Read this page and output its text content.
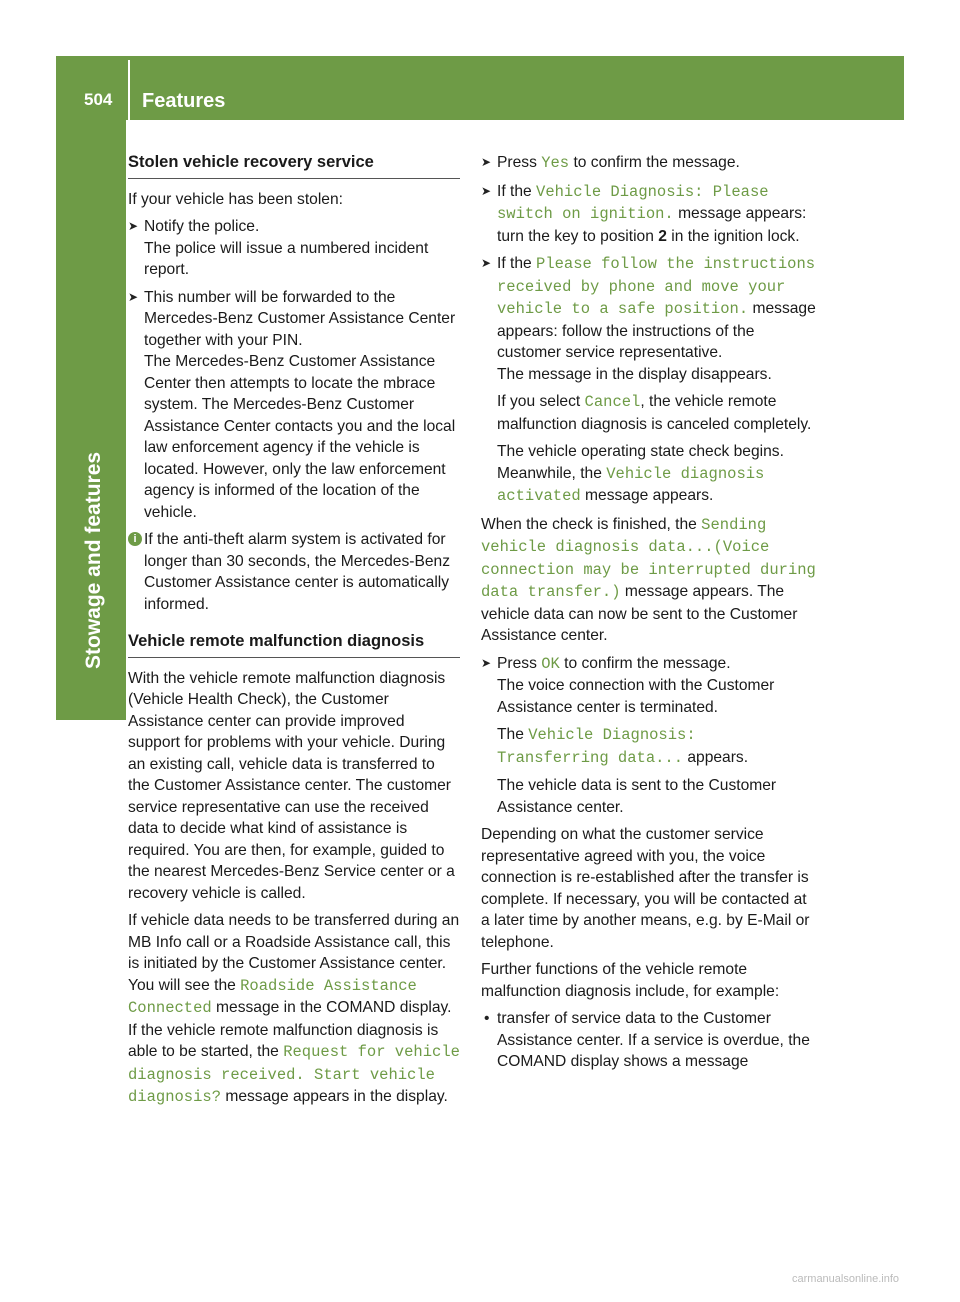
504	Features
Stowage and features
Stolen vehicle recovery service

If your vehicle has been stolen:

➤ Notify the police.
The police will issue a numbered incident report.
➤ This number will be forwarded to the Mercedes-Benz Customer Assistance Center together with your PIN.
The Mercedes-Benz Customer Assistance Center then attempts to locate the mbrace system. The Mercedes-Benz Customer Assistance Center contacts you and the local law enforcement agency if the vehicle is located. However, only the law enforcement agency is informed of the location of the vehicle.
i If the anti-theft alarm system is activated for longer than 30 seconds, the Mercedes-Benz Customer Assistance center is automatically informed.
Vehicle remote malfunction diagnosis

With the vehicle remote malfunction diagnosis (Vehicle Health Check), the Customer Assistance center can provide improved support for problems with your vehicle. During an existing call, vehicle data is transferred to the Customer Assistance center. The customer service representative can use the received data to decide what kind of assistance is required. You are then, for example, guided to the nearest Mercedes-Benz Service center or a recovery vehicle is called.

If vehicle data needs to be transferred during an MB Info call or a Roadside Assistance call, this is initiated by the Customer Assistance center. You will see the Roadside Assistance Connected message in the COMAND display. If the vehicle remote malfunction diagnosis is able to be started, the Request for vehicle diagnosis received. Start vehicle diagnosis? message appears in the display.

➤ Press Yes to confirm the message.
➤ If the Vehicle Diagnosis: Please switch on ignition. message appears: turn the key to position 2 in the ignition lock.
➤ If the Please follow the instructions received by phone and move your vehicle to a safe position. message appears: follow the instructions of the customer service representative.
The message in the display disappears.

If you select Cancel, the vehicle remote malfunction diagnosis is canceled completely.

The vehicle operating state check begins. Meanwhile, the Vehicle diagnosis activated message appears.

When the check is finished, the Sending vehicle diagnosis data...(Voice connection may be interrupted during data transfer.) message appears. The vehicle data can now be sent to the Customer Assistance center.

➤ Press OK to confirm the message.
The voice connection with the Customer Assistance center is terminated.

The Vehicle Diagnosis: Transferring data... appears.

The vehicle data is sent to the Customer Assistance center.

Depending on what the customer service representative agreed with you, the voice connection is re-established after the transfer is complete. If necessary, you will be contacted at a later time by another means, e.g. by E-Mail or telephone.

Further functions of the vehicle remote malfunction diagnosis include, for example:

• transfer of service data to the Customer Assistance center. If a service is overdue, the COMAND display shows a message
carmanualsonline.info
